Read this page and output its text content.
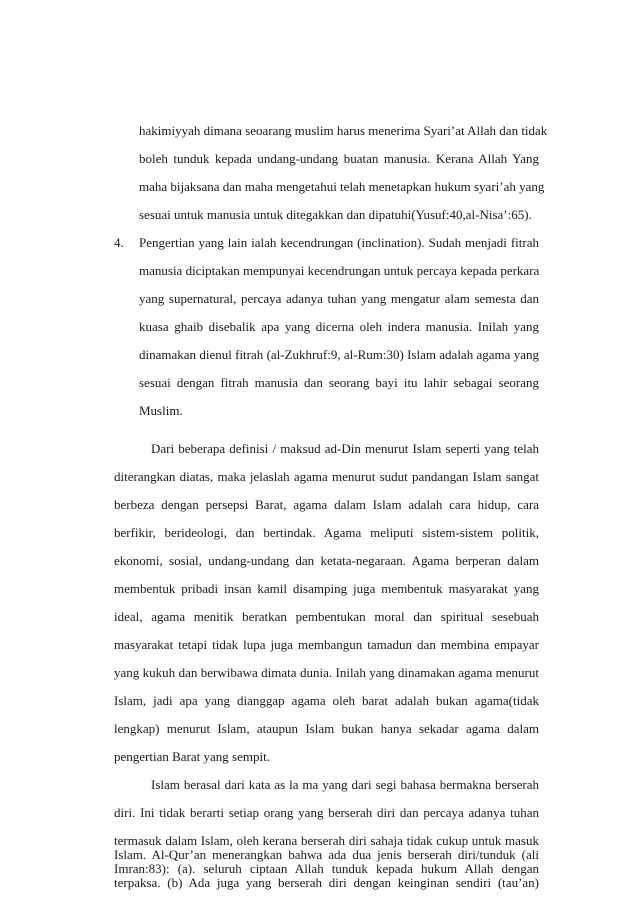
hakimiyyah dimana seoarang muslim harus menerima Syari’at Allah dan tidak
boleh tunduk kepada undang-undang buatan manusia. Kerana Allah Yang
maha bijaksana dan maha mengetahui telah menetapkan hukum syari’ah yang
sesuai untuk manusia untuk ditegakkan dan dipatuhi(Yusuf:40,al-Nisa’:65).
4. Pengertian yang lain ialah kecendrungan (inclination). Sudah menjadi fitrah
manusia diciptakan mempunyai kecendrungan untuk percaya kepada perkara
yang supernatural, percaya adanya tuhan yang mengatur alam semesta dan
kuasa ghaib disebalik apa yang dicerna oleh indera manusia. Inilah yang
dinamakan dienul fitrah (al-Zukhruf:9, al-Rum:30) Islam adalah agama yang
sesuai dengan fitrah manusia dan seorang bayi itu lahir sebagai seorang
Muslim.
Dari beberapa definisi / maksud ad-Din menurut Islam seperti yang telah
diterangkan diatas, maka jelaslah agama menurut sudut pandangan Islam sangat
berbeza dengan persepsi Barat, agama dalam Islam adalah cara hidup, cara
berfikir, berideologi, dan bertindak. Agama meliputi sistem-sistem politik,
ekonomi, sosial, undang-undang dan ketata-negaraan. Agama berperan dalam
membentuk pribadi insan kamil disamping juga membentuk masyarakat yang
ideal, agama menitik beratkan pembentukan moral dan spiritual sesebuah
masyarakat tetapi tidak lupa juga membangun tamadun dan membina empayar
yang kukuh dan berwibawa dimata dunia. Inilah yang dinamakan agama menurut
Islam, jadi apa yang dianggap agama oleh barat adalah bukan agama(tidak
lengkap) menurut Islam, ataupun Islam bukan hanya sekadar agama dalam
pengertian Barat yang sempit.
Islam berasal dari kata as la ma yang dari segi bahasa bermakna berserah
diri. Ini tidak berarti setiap orang yang berserah diri dan percaya adanya tuhan
termasuk dalam Islam, oleh kerana berserah diri sahaja tidak cukup untuk masuk
Islam. Al-Qur’an menerangkan bahwa ada dua jenis berserah diri/tunduk (ali
Imran:83): (a). seluruh ciptaan Allah tunduk kepada hukum Allah dengan
terpaksa. (b) Ada juga yang berserah diri dengan keinginan sendiri (tau’an)
